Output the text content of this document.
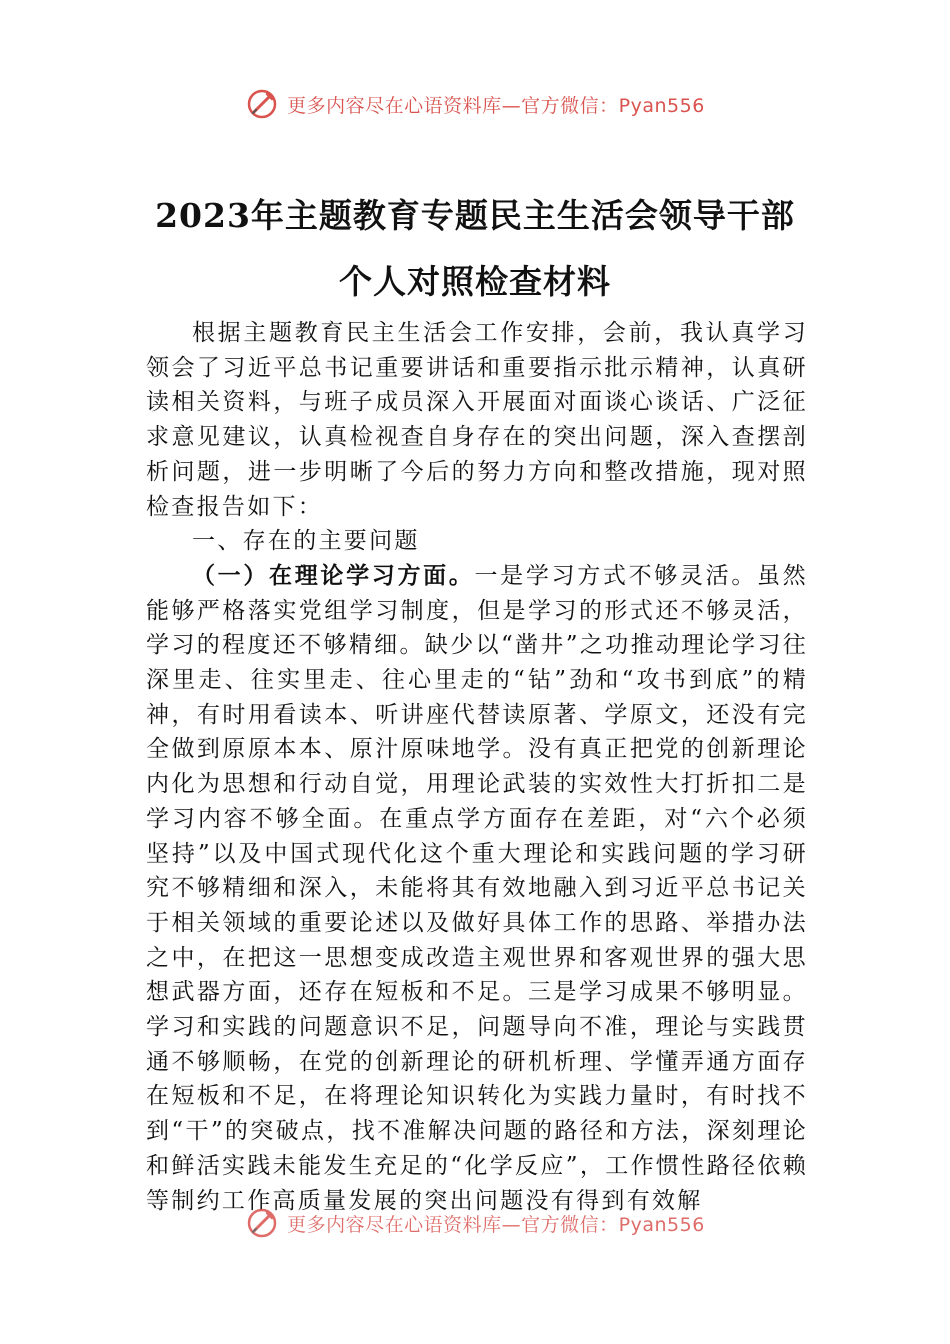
更多内容尽在心语资料库—官方微信：Pyan556
2023年主题教育专题民主生活会领导干部
个人对照检查材料

根据主题教育民主生活会工作安排，会前，我认真学习领会了习近平总书记重要讲话和重要指示批示精神，认真研读相关资料，与班子成员深入开展面对面谈心谈话、广泛征求意见建议，认真检视查自身存在的突出问题，深入查摆剖析问题，进一步明晰了今后的努力方向和整改措施，现对照检查报告如下：

一、存在的主要问题

（一）在理论学习方面。一是学习方式不够灵活。虽然能够严格落实党组学习制度，但是学习的形式还不够灵活，学习的程度还不够精细。缺少以“凿井”之功推动理论学习往深里走、往实里走、往心里走的“钻”劲和“攻书到底”的精神，有时用看读本、听讲座代替读原著、学原文，还没有完全做到原原本本、原汁原味地学。没有真正把党的创新理论内化为思想和行动自觉，用理论武装的实效性大打折扣二是学习内容不够全面。在重点学方面存在差距，对“六个必须坚持”以及中国式现代化这个重大理论和实践问题的学习研究不够精细和深入，未能将其有效地融入到习近平总书记关于相关领域的重要论述以及做好具体工作的思路、举措办法之中，在把这一思想变成改造主观世界和客观世界的强大思想武器方面，还存在短板和不足。三是学习成果不够明显。学习和实践的问题意识不足，问题导向不准，理论与实践贯通不够顺畅，在党的创新理论的研机析理、学懂弄通方面存在短板和不足，在将理论知识转化为实践力量时，有时找不到“干”的突破点，找不准解决问题的路径和方法，深刻理论和鲜活实践未能发生充足的“化学反应”，工作惯性路径依赖等制约工作高质量发展的突出问题没有得到有效解

更多内容尽在心语资料库—官方微信：Pyan556
